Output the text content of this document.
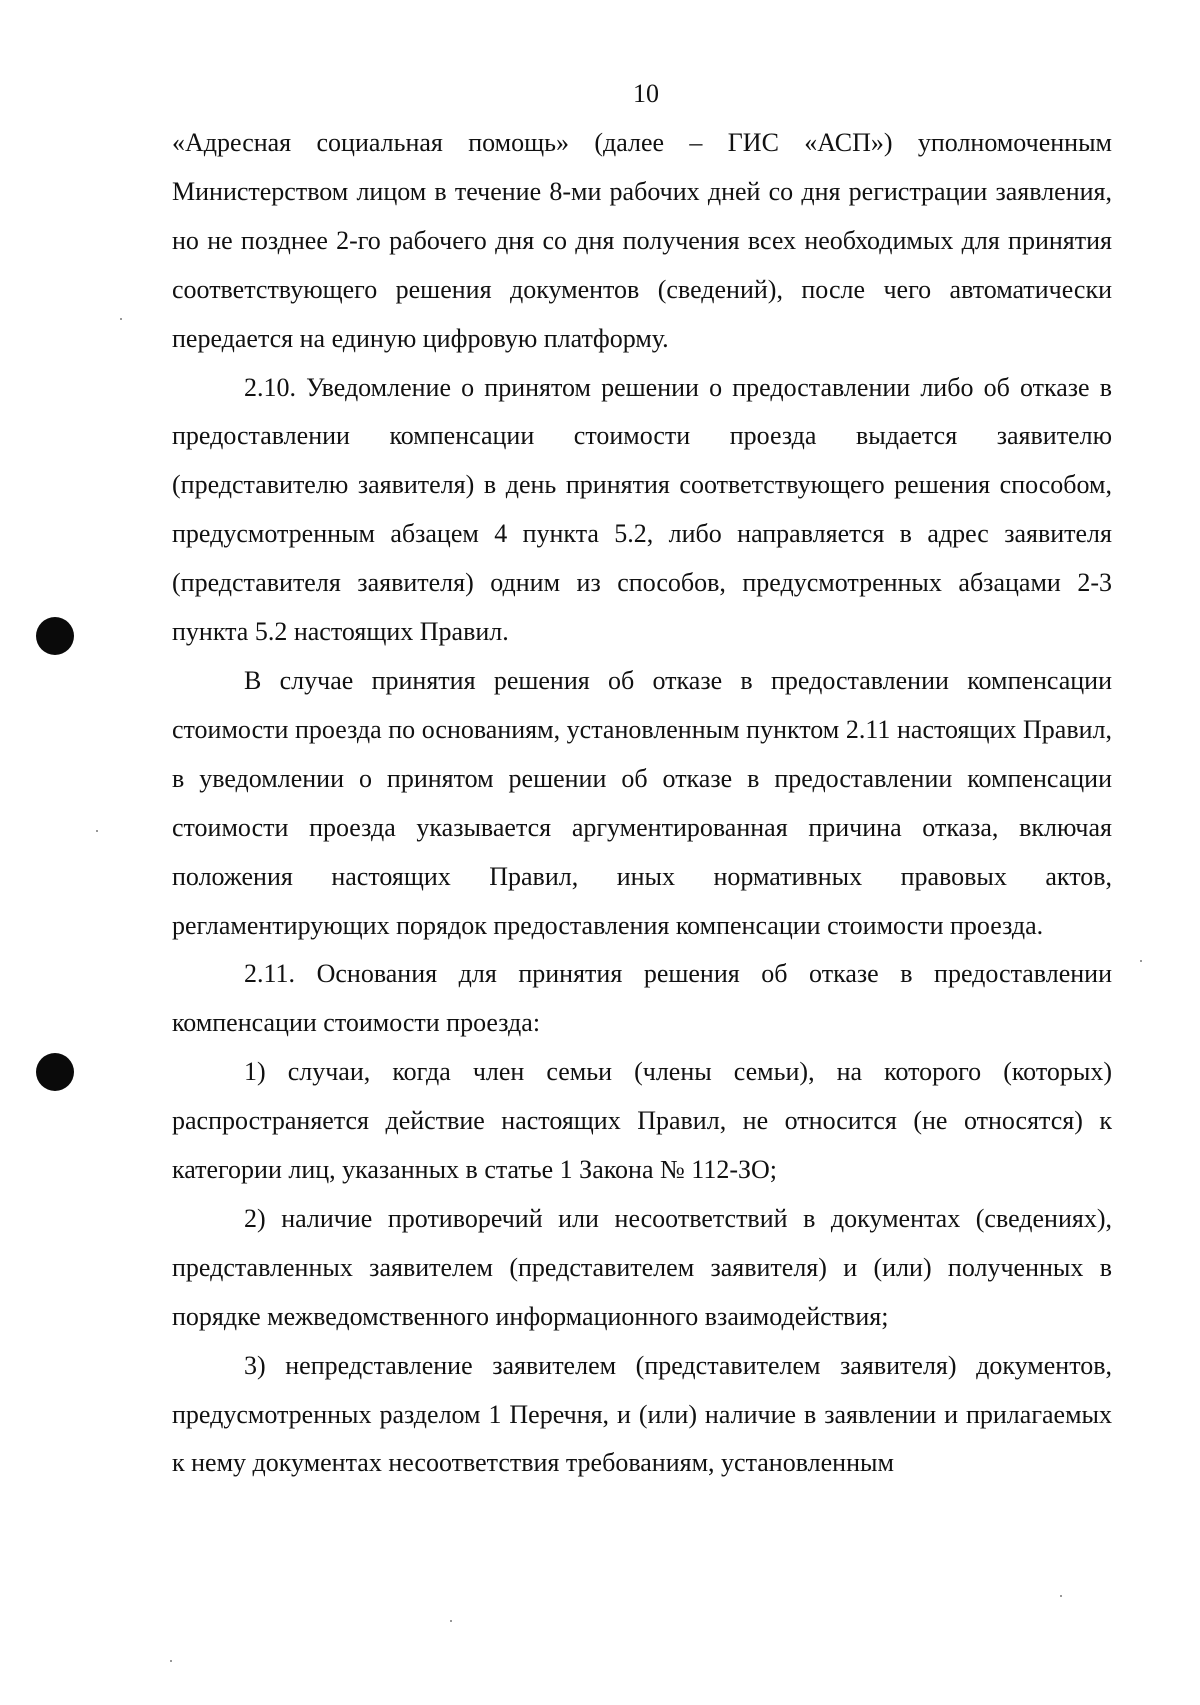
10

«Адресная социальная помощь» (далее – ГИС «АСП») уполномоченным Министерством лицом в течение 8-ми рабочих дней со дня регистрации заявления, но не позднее 2-го рабочего дня со дня получения всех необходимых для принятия соответствующего решения документов (сведений), после чего автоматически передается на единую цифровую платформу.

2.10. Уведомление о принятом решении о предоставлении либо об отказе в предоставлении компенсации стоимости проезда выдается заявителю (представителю заявителя) в день принятия соответствующего решения способом, предусмотренным абзацем 4 пункта 5.2, либо направляется в адрес заявителя (представителя заявителя) одним из способов, предусмотренных абзацами 2-3 пункта 5.2 настоящих Правил.

В случае принятия решения об отказе в предоставлении компенсации стоимости проезда по основаниям, установленным пунктом 2.11 настоящих Правил, в уведомлении о принятом решении об отказе в предоставлении компенсации стоимости проезда указывается аргументированная причина отказа, включая положения настоящих Правил, иных нормативных правовых актов, регламентирующих порядок предоставления компенсации стоимости проезда.

2.11. Основания для принятия решения об отказе в предоставлении компенсации стоимости проезда:

1) случаи, когда член семьи (члены семьи), на которого (которых) распространяется действие настоящих Правил, не относится (не относятся) к категории лиц, указанных в статье 1 Закона № 112-ЗО;

2) наличие противоречий или несоответствий в документах (сведениях), представленных заявителем (представителем заявителя) и (или) полученных в порядке межведомственного информационного взаимодействия;

3) непредставление заявителем (представителем заявителя) документов, предусмотренных разделом 1 Перечня, и (или) наличие в заявлении и прилагаемых к нему документах несоответствия требованиям, установленным
